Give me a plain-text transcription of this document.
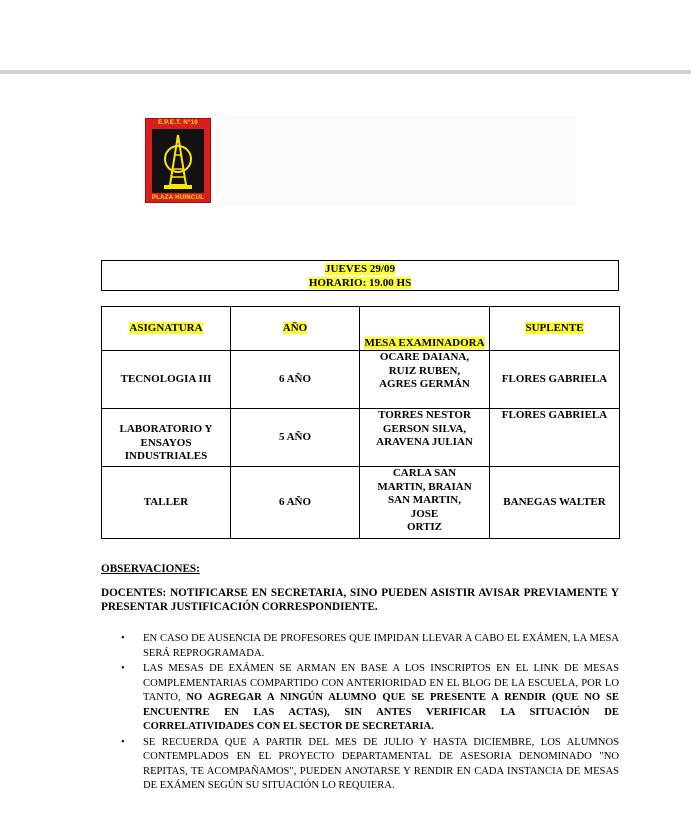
E.P.E.T. N°10
PLAZA HUINCUL
JUEVES 29/09
HORARIO: 19.00 HS
ASIGNATURA	AÑO	MESA EXAMINADORA	SUPLENTE
TECNOLOGIA III	6 AÑO	OCARE DAIANA,
RUIZ RUBEN,
AGRES GERMÁN	FLORES GABRIELA
LABORATORIO Y ENSAYOS INDUSTRIALES	5 AÑO	TORRES NESTOR
GERSON SILVA,
ARAVENA JULIAN	FLORES GABRIELA
TALLER	6 AÑO	CARLA SAN
MARTIN, BRAIAN
SAN MARTIN,
JOSE
ORTIZ	BANEGAS WALTER

OBSERVACIONES:

DOCENTES: NOTIFICARSE EN SECRETARIA, SINO PUEDEN ASISTIR AVISAR PREVIAMENTE Y PRESENTAR JUSTIFICACIÓN CORRESPONDIENTE.

• EN CASO DE AUSENCIA DE PROFESORES QUE IMPIDAN LLEVAR A CABO EL EXÁMEN, LA MESA SERÁ REPROGRAMADA.
• LAS MESAS DE EXÁMEN SE ARMAN EN BASE A LOS INSCRIPTOS EN EL LINK DE MESAS COMPLEMENTARIAS COMPARTIDO CON ANTERIORIDAD EN EL BLOG DE LA ESCUELA, POR LO TANTO, NO AGREGAR A NINGÚN ALUMNO QUE SE PRESENTE A RENDIR (QUE NO SE ENCUENTRE EN LAS ACTAS), SIN ANTES VERIFICAR LA SITUACIÓN DE CORRELATIVIDADES CON EL SECTOR DE SECRETARIA.
• SE RECUERDA QUE A PARTIR DEL MES DE JULIO Y HASTA DICIEMBRE, LOS ALUMNOS CONTEMPLADOS EN EL PROYECTO DEPARTAMENTAL DE ASESORIA DENOMINADO "NO REPITAS, TE ACOMPAÑAMOS", PUEDEN ANOTARSE Y RENDIR EN CADA INSTANCIA DE MESAS DE EXÁMEN SEGÚN SU SITUACIÓN LO REQUIERA.
